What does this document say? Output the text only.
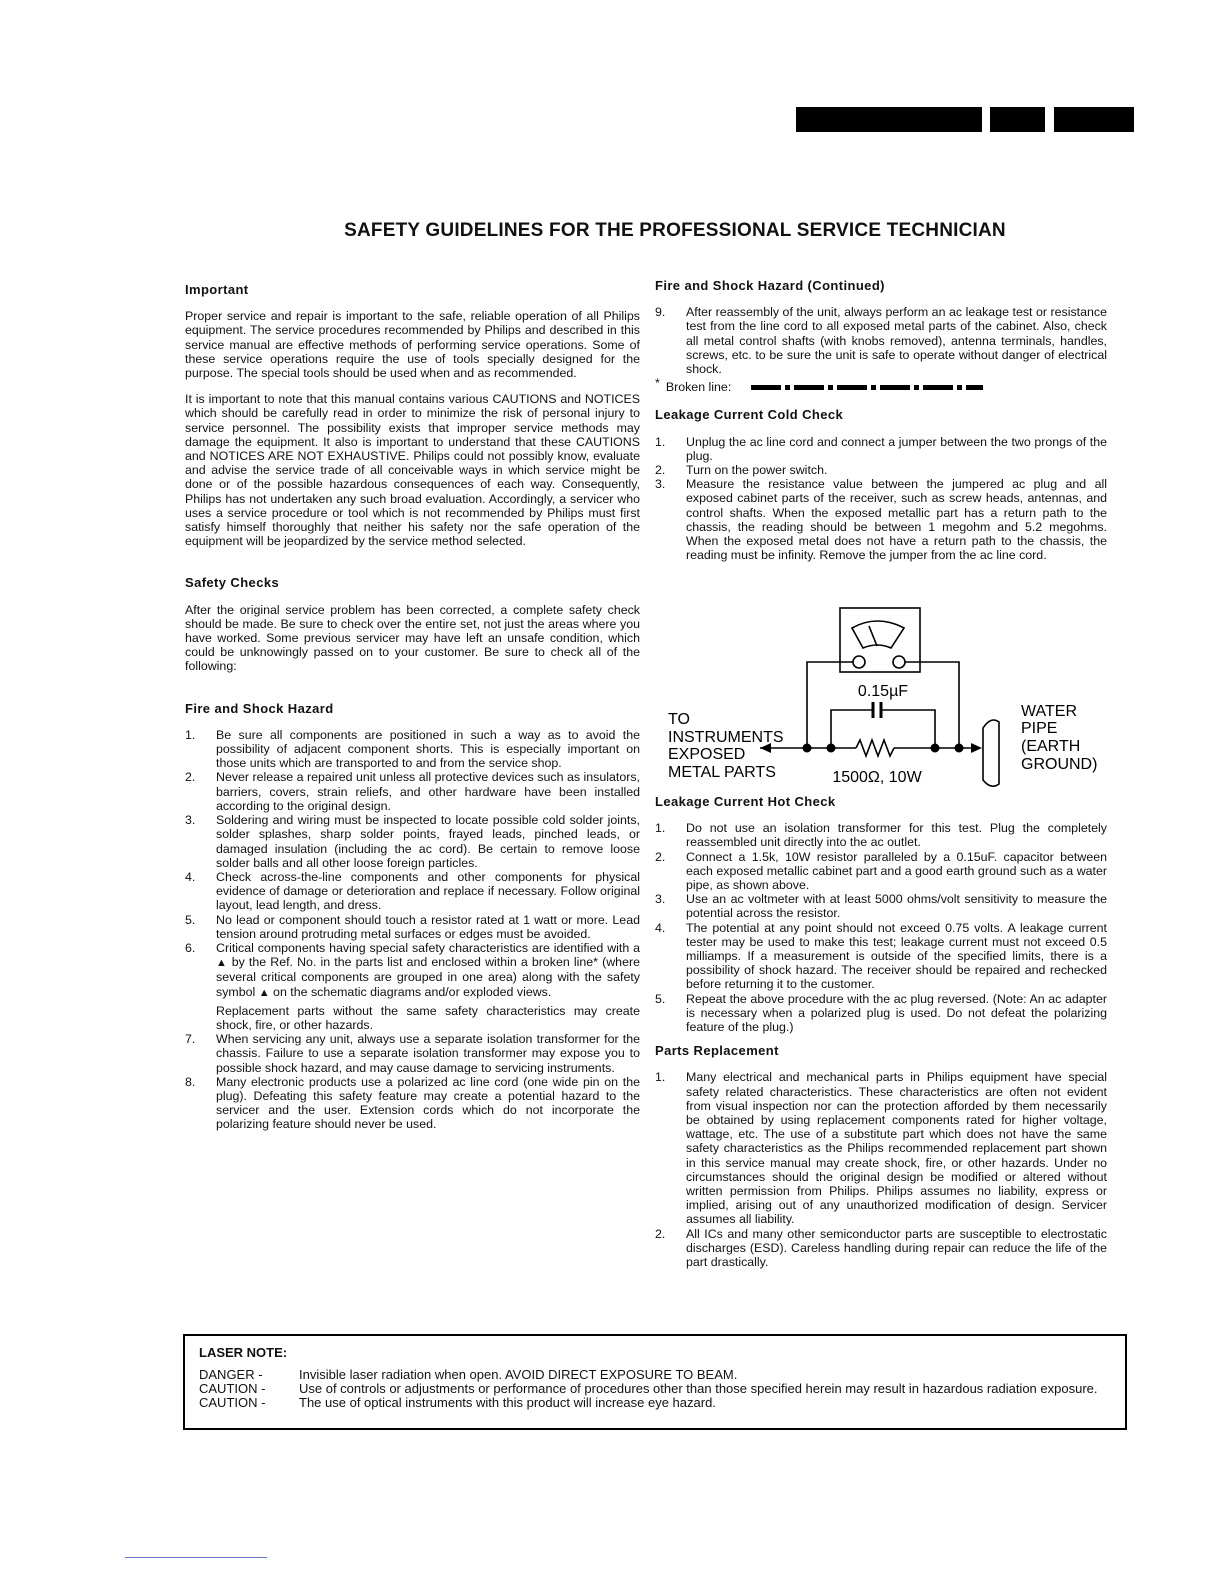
SAFETY GUIDELINES FOR THE PROFESSIONAL SERVICE TECHNICIAN
Important

Proper service and repair is important to the safe, reliable operation of all Philips equipment. The service procedures recommended by Philips and described in this service manual are effective methods of performing service operations. Some of these service operations require the use of tools specially designed for the purpose. The special tools should be used when and as recommended.

It is important to note that this manual contains various CAUTIONS and NOTICES which should be carefully read in order to minimize the risk of personal injury to service personnel. The possibility exists that improper service methods may damage the equipment. It also is important to understand that these CAUTIONS and NOTICES ARE NOT EXHAUSTIVE. Philips could not possibly know, evaluate and advise the service trade of all conceivable ways in which service might be done or of the possible hazardous consequences of each way. Consequently, Philips has not undertaken any such broad evaluation. Accordingly, a servicer who uses a service procedure or tool which is not recommended by Philips must first satisfy himself thoroughly that neither his safety nor the safe operation of the equipment will be jeopardized by the service method selected.

Safety Checks

After the original service problem has been corrected, a complete safety check should be made. Be sure to check over the entire set, not just the areas where you have worked. Some previous servicer may have left an unsafe condition, which could be unknowingly passed on to your customer. Be sure to check all of the following:

Fire and Shock Hazard
1. Be sure all components are positioned in such a way as to avoid the possibility of adjacent component shorts. This is especially important on those units which are transported to and from the service shop.
2. Never release a repaired unit unless all protective devices such as insulators, barriers, covers, strain reliefs, and other hardware have been installed according to the original design.
3. Soldering and wiring must be inspected to locate possible cold solder joints, solder splashes, sharp solder points, frayed leads, pinched leads, or damaged insulation (including the ac cord). Be certain to remove loose solder balls and all other loose foreign particles.
4. Check across-the-line components and other components for physical evidence of damage or deterioration and replace if necessary. Follow original layout, lead length, and dress.
5. No lead or component should touch a resistor rated at 1 watt or more. Lead tension around protruding metal surfaces or edges must be avoided.
6. Critical components having special safety characteristics are identified with a ▲ by the Ref. No. in the parts list and enclosed within a broken line* (where several critical components are grouped in one area) along with the safety symbol ▲ on the schematic diagrams and/or exploded views.
Replacement parts without the same safety characteristics may create shock, fire, or other hazards.
7. When servicing any unit, always use a separate isolation transformer for the chassis. Failure to use a separate isolation transformer may expose you to possible shock hazard, and may cause damage to servicing instruments.
8. Many electronic products use a polarized ac line cord (one wide pin on the plug). Defeating this safety feature may create a potential hazard to the servicer and the user. Extension cords which do not incorporate the polarizing feature should never be used.
Fire and Shock Hazard (Continued)
9. After reassembly of the unit, always perform an ac leakage test or resistance test from the line cord to all exposed metal parts of the cabinet. Also, check all metal control shafts (with knobs removed), antenna terminals, handles, screws, etc. to be sure the unit is safe to operate without danger of electrical shock.
* Broken line:
Leakage Current Cold Check
1. Unplug the ac line cord and connect a jumper between the two prongs of the plug.
2. Turn on the power switch.
3. Measure the resistance value between the jumpered ac plug and all exposed cabinet parts of the receiver, such as screw heads, antennas, and control shafts. When the exposed metallic part has a return path to the chassis, the reading should be between 1 megohm and 5.2 megohms. When the exposed metal does not have a return path to the chassis, the reading must be infinity. Remove the jumper from the ac line cord.
0.15µF
1500Ω, 10W
TO
INSTRUMENTS
EXPOSED
METAL PARTS
WATER
PIPE
(EARTH
GROUND)
Leakage Current Hot Check
1. Do not use an isolation transformer for this test. Plug the completely reassembled unit directly into the ac outlet.
2. Connect a 1.5k, 10W resistor paralleled by a 0.15uF. capacitor between each exposed metallic cabinet part and a good earth ground such as a water pipe, as shown above.
3. Use an ac voltmeter with at least 5000 ohms/volt sensitivity to measure the potential across the resistor.
4. The potential at any point should not exceed 0.75 volts. A leakage current tester may be used to make this test; leakage current must not exceed 0.5 milliamps. If a measurement is outside of the specified limits, there is a possibility of shock hazard. The receiver should be repaired and rechecked before returning it to the customer.
5. Repeat the above procedure with the ac plug reversed. (Note: An ac adapter is necessary when a polarized plug is used. Do not defeat the polarizing feature of the plug.)
Parts Replacement
1. Many electrical and mechanical parts in Philips equipment have special safety related characteristics. These characteristics are often not evident from visual inspection nor can the protection afforded by them necessarily be obtained by using replacement components rated for higher voltage, wattage, etc. The use of a substitute part which does not have the same safety characteristics as the Philips recommended replacement part shown in this service manual may create shock, fire, or other hazards. Under no circumstances should the original design be modified or altered without written permission from Philips. Philips assumes no liability, express or implied, arising out of any unauthorized modification of design. Servicer assumes all liability.
2. All ICs and many other semiconductor parts are susceptible to electrostatic discharges (ESD). Careless handling during repair can reduce the life of the part drastically.
LASER NOTE:
DANGER -	Invisible laser radiation when open. AVOID DIRECT EXPOSURE TO BEAM.
CAUTION -	Use of controls or adjustments or performance of procedures other than those specified herein may result in hazardous radiation exposure.
CAUTION -	The use of optical instruments with this product will increase eye hazard.
